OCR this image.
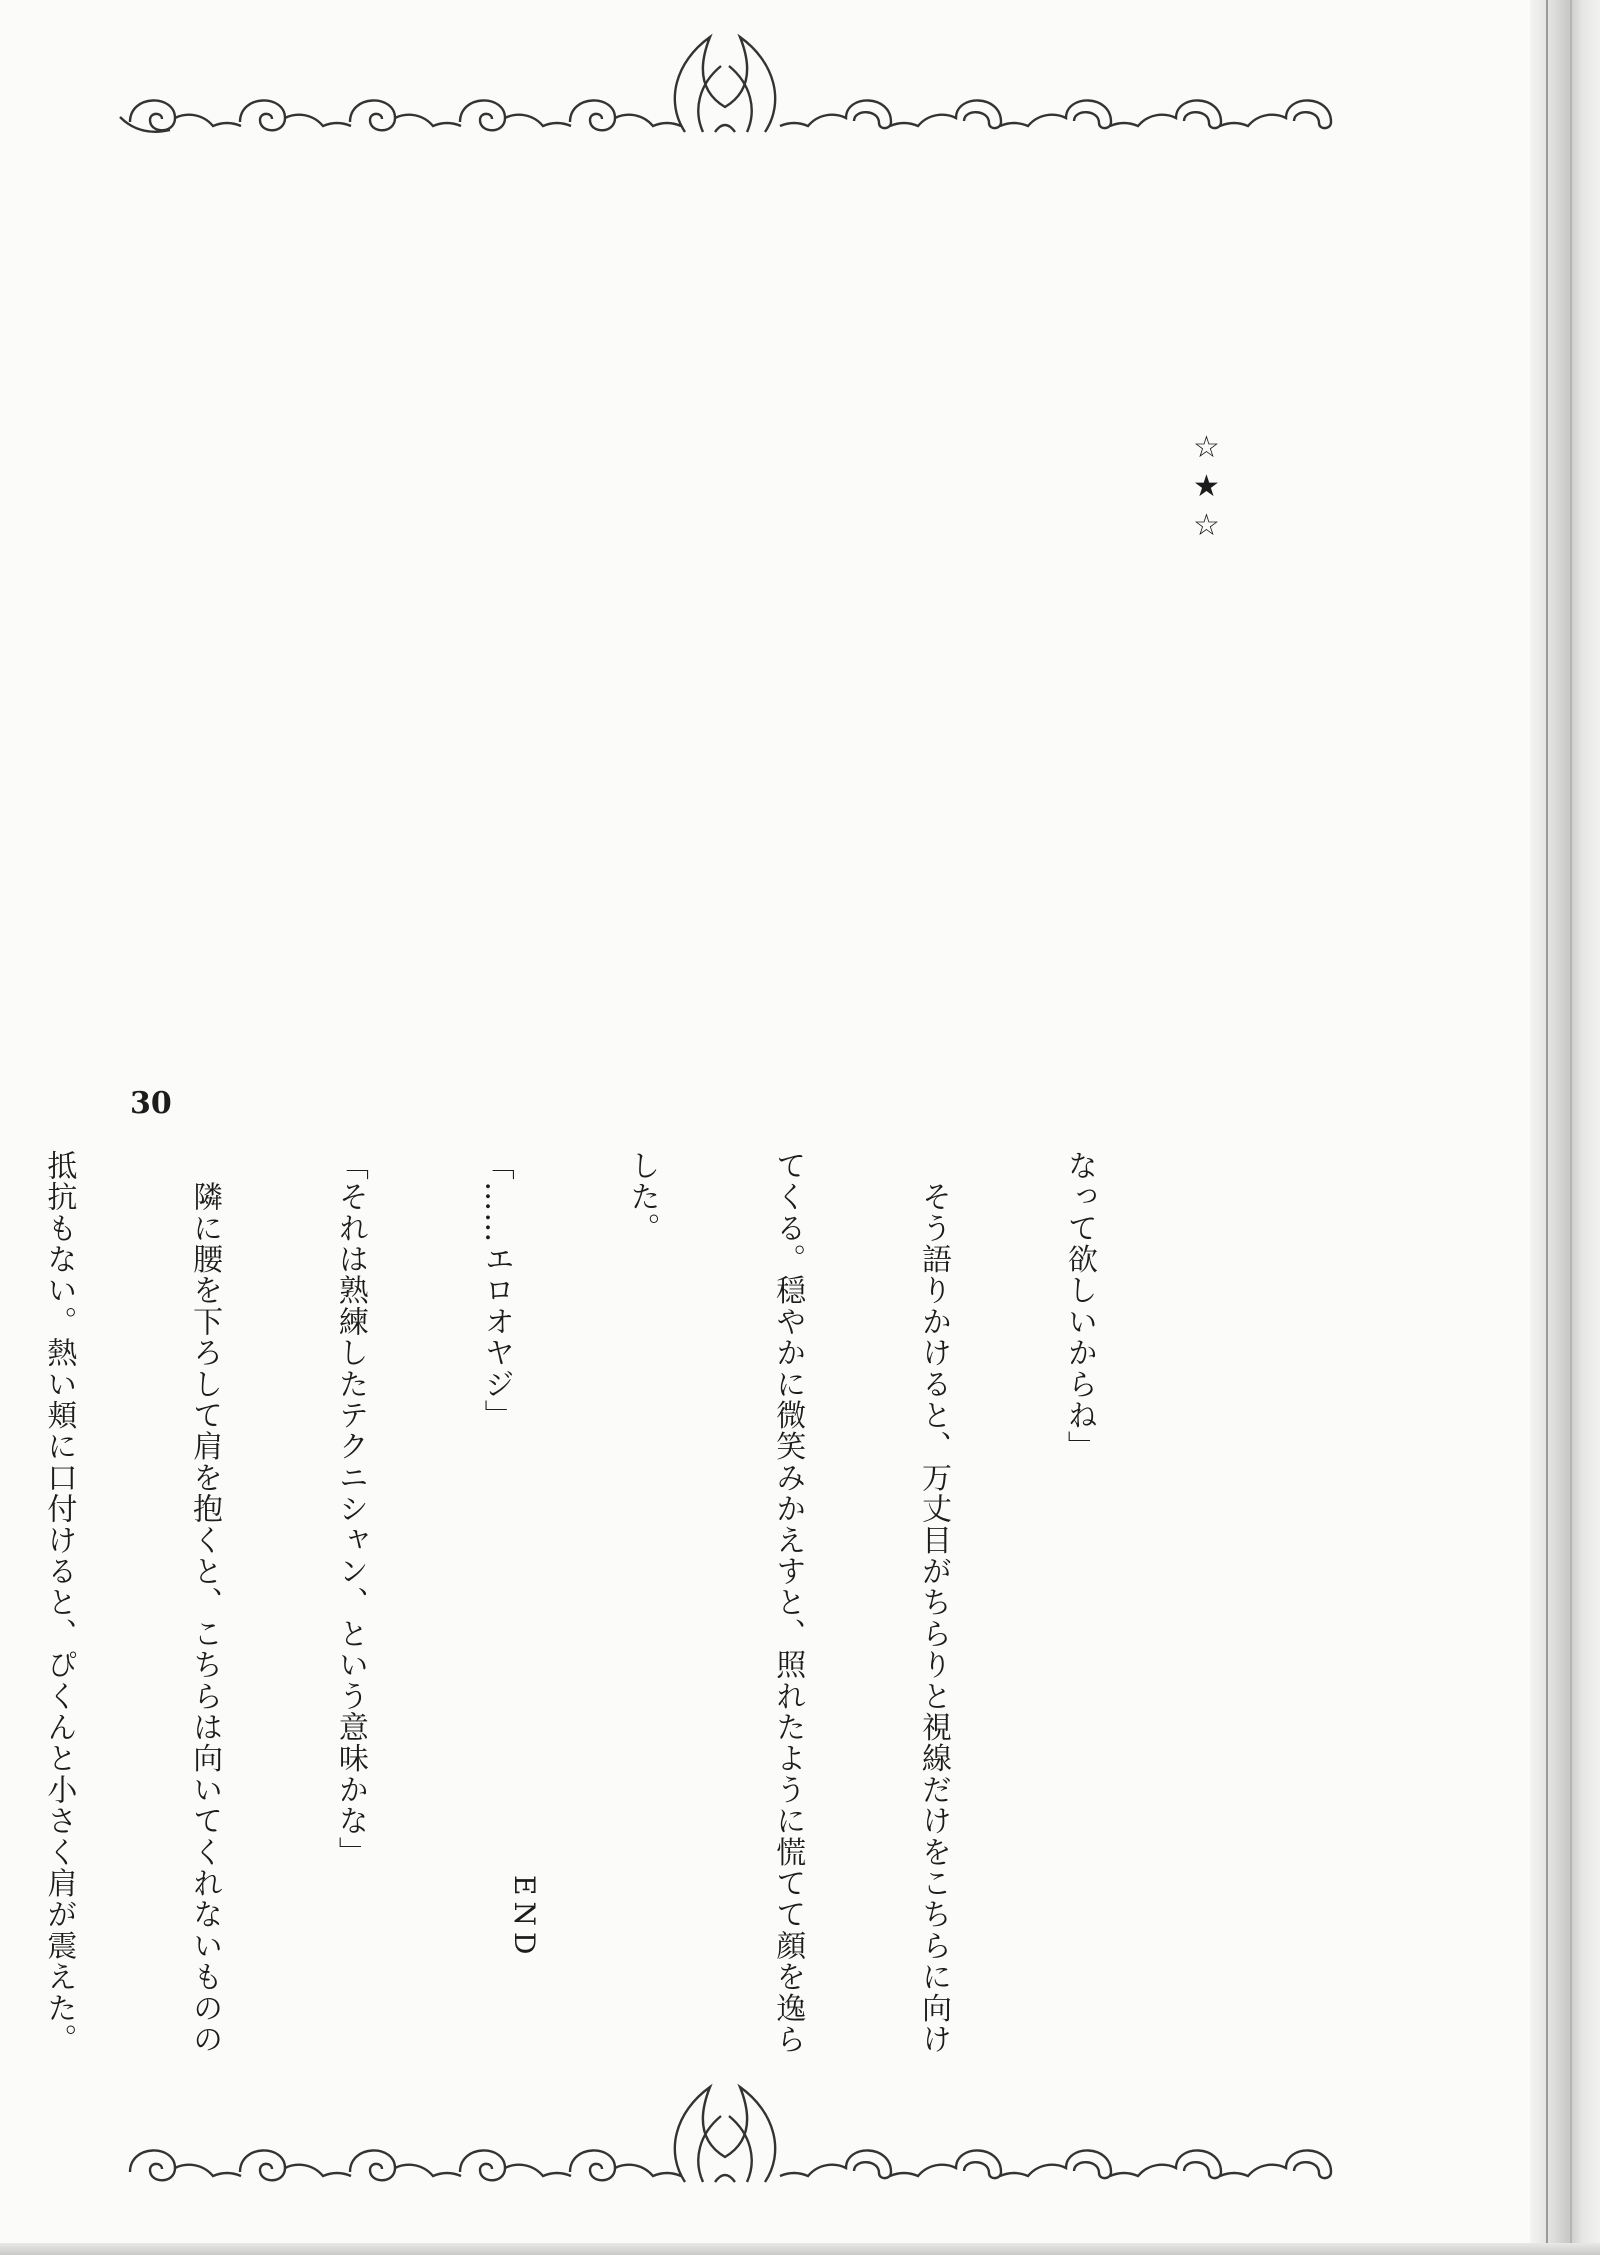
☆★☆

30

なって欲しいからね」

　そう語りかけると、万丈目がちらりと視線だけをこちらに向け

てくる。穏やかに微笑みかえすと、照れたように慌てて顔を逸ら

した。

「……エロオヤジ」

「それは熟練したテクニシャン、という意味かな」

　隣に腰を下ろして肩を抱くと、こちらは向いてくれないものの

抵抗もない。熱い頬に口付けると、ぴくんと小さく肩が震えた。

	END
